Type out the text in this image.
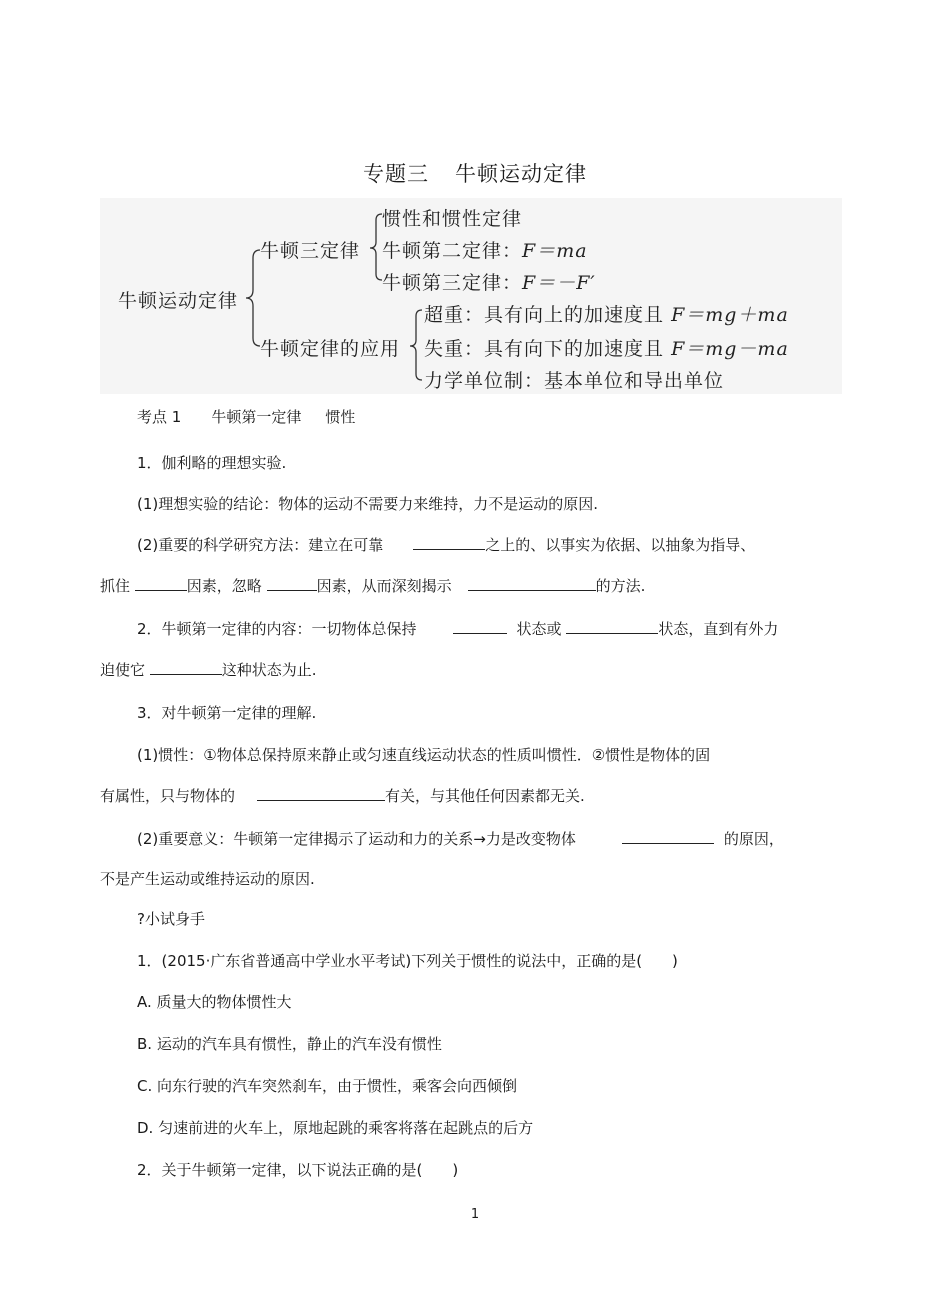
专题三 牛顿运动定律
牛顿运动定律
牛顿三定律
惯性和惯性定律
牛顿第二定律：F＝ma
牛顿第三定律：F＝－F′
牛顿定律的应用
超重：具有向上的加速度且 F＝mg＋ma
失重：具有向下的加速度且 F＝mg－ma
力学单位制：基本单位和导出单位
考点 1 牛顿第一定律 惯性
1．伽利略的理想实验.
(1)理想实验的结论：物体的运动不需要力来维持，力不是运动的原因.
(2)重要的科学研究方法：建立在可靠	之上的、以事实为依据、以抽象为指导、
抓住	因素，忽略	因素，从而深刻揭示	的方法.
2．牛顿第一定律的内容：一切物体总保持	状态或	状态，直到有外力
迫使它	这种状态为止.
3．对牛顿第一定律的理解.
(1)惯性：①物体总保持原来静止或匀速直线运动状态的性质叫惯性．②惯性是物体的固
有属性，只与物体的	有关，与其他任何因素都无关.
(2)重要意义：牛顿第一定律揭示了运动和力的关系→力是改变物体	的原因，
不是产生运动或维持运动的原因.
?小试身手
1．(2015·广东省普通高中学业水平考试)下列关于惯性的说法中，正确的是(　　)
A. 质量大的物体惯性大
B. 运动的汽车具有惯性，静止的汽车没有惯性
C. 向东行驶的汽车突然刹车，由于惯性，乘客会向西倾倒
D. 匀速前进的火车上，原地起跳的乘客将落在起跳点的后方
2．关于牛顿第一定律，以下说法正确的是(　　)
1
